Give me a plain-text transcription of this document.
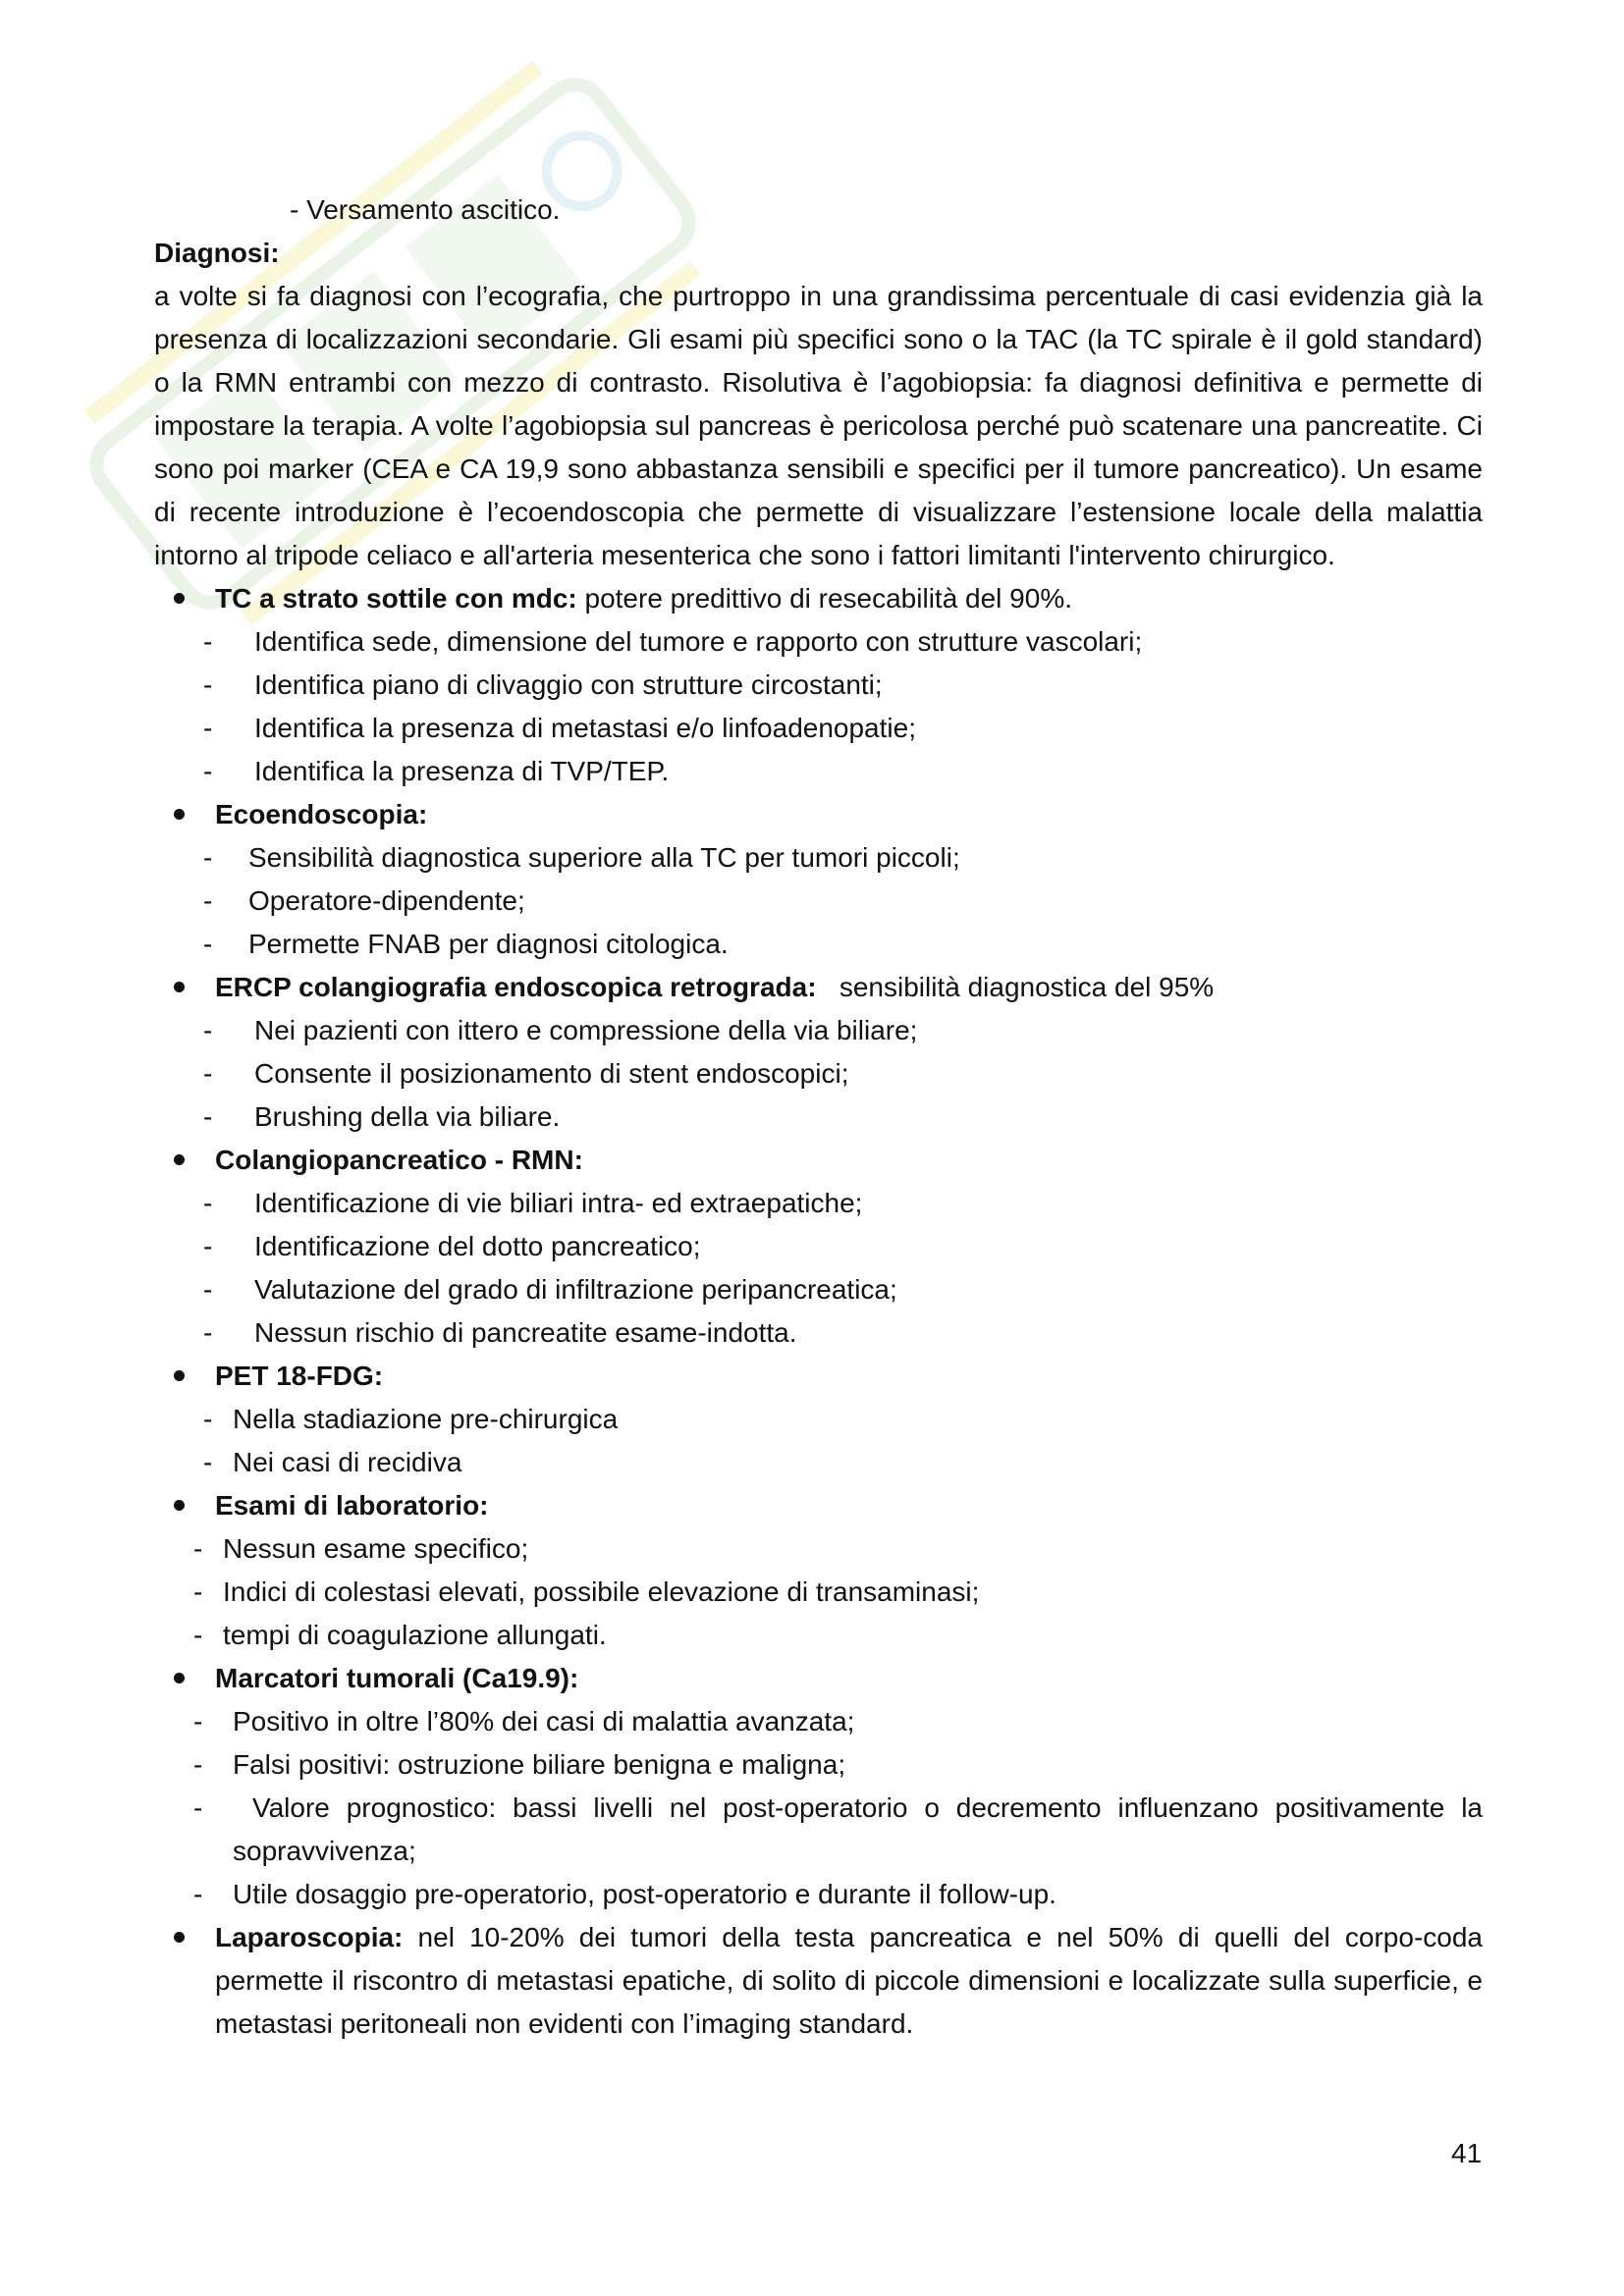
- Versamento ascitico.

Diagnosi:

a volte si fa diagnosi con l’ecografia, che purtroppo in una grandissima percentuale di casi evidenzia già la presenza di localizzazioni secondarie. Gli esami più specifici sono o la TAC (la TC spirale è il gold standard) o la RMN entrambi con mezzo di contrasto. Risolutiva è l’agobiopsia: fa diagnosi definitiva e permette di impostare la terapia. A volte l’agobiopsia sul pancreas è pericolosa perché può scatenare una pancreatite. Ci sono poi marker (CEA e CA 19,9 sono abbastanza sensibili e specifici per il tumore pancreatico). Un esame di recente introduzione è l’ecoendoscopia che permette di visualizzare l’estensione locale della malattia intorno al tripode celiaco e all'arteria mesenterica che sono i fattori limitanti l'intervento chirurgico.

TC a strato sottile con mdc: potere predittivo di resecabilità del 90%.
- Identifica sede, dimensione del tumore e rapporto con strutture vascolari;
- Identifica piano di clivaggio con strutture circostanti;
- Identifica la presenza di metastasi e/o linfoadenopatie;
- Identifica la presenza di TVP/TEP.
Ecoendoscopia:
- Sensibilità diagnostica superiore alla TC per tumori piccoli;
- Operatore-dipendente;
- Permette FNAB per diagnosi citologica.
ERCP colangiografia endoscopica retrograda:   sensibilità diagnostica del 95%
- Nei pazienti con ittero e compressione della via biliare;
- Consente il posizionamento di stent endoscopici;
- Brushing della via biliare.
Colangiopancreatico - RMN:
- Identificazione di vie biliari intra- ed extraepatiche;
- Identificazione del dotto pancreatico;
- Valutazione del grado di infiltrazione peripancreatica;
- Nessun rischio di pancreatite esame-indotta.
PET 18-FDG:
- Nella stadiazione pre-chirurgica
- Nei casi di recidiva
Esami di laboratorio:
- Nessun esame specifico;
- Indici di colestasi elevati, possibile elevazione di transaminasi;
- tempi di coagulazione allungati.
Marcatori tumorali (Ca19.9):
- Positivo in oltre l’80% dei casi di malattia avanzata;
- Falsi positivi: ostruzione biliare benigna e maligna;
- Valore prognostico: bassi livelli nel post-operatorio o decremento influenzano positivamente la sopravvivenza;
- Utile dosaggio pre-operatorio, post-operatorio e durante il follow-up.
Laparoscopia: nel 10-20% dei tumori della testa pancreatica e nel 50% di quelli del corpo-coda permette il riscontro di metastasi epatiche, di solito di piccole dimensioni e localizzate sulla superficie, e metastasi peritoneali non evidenti con l’imaging standard.
41
